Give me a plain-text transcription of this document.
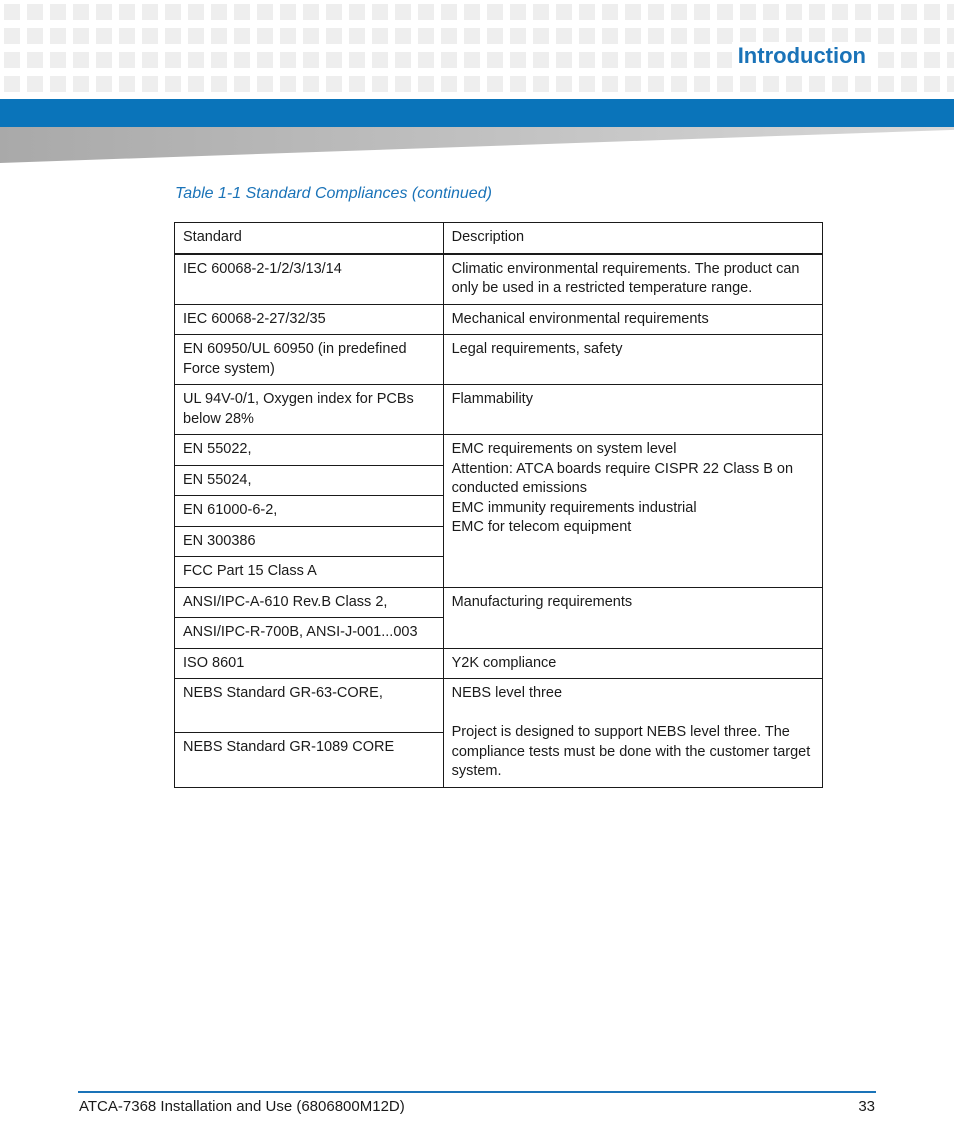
Introduction
Table 1-1 Standard Compliances (continued)
Standard	Description
IEC 60068-2-1/2/3/13/14	Climatic environmental requirements. The product can only be used in a restricted temperature range.
IEC 60068-2-27/32/35	Mechanical environmental requirements
EN 60950/UL 60950 (in predefined Force system)	Legal requirements, safety
UL 94V-0/1, Oxygen index for PCBs below 28%	Flammability
EN 55022,	EMC requirements on system level
Attention: ATCA boards require CISPR 22 Class B on conducted emissions
EMC immunity requirements industrial
EMC for telecom equipment

EN 55024,	
EN 61000-6-2,	
EN 300386	
FCC Part 15 Class A	
ANSI/IPC-A-610 Rev.B Class 2,	Manufacturing requirements
ANSI/IPC-R-700B, ANSI-J-001...003	
ISO 8601	Y2K compliance
NEBS Standard GR-63-CORE,	NEBS level three
Project is designed to support NEBS level three. The compliance tests must be done with the customer target system.

NEBS Standard GR-1089 CORE	
ATCA-7368 Installation and Use (6806800M12D)	33
